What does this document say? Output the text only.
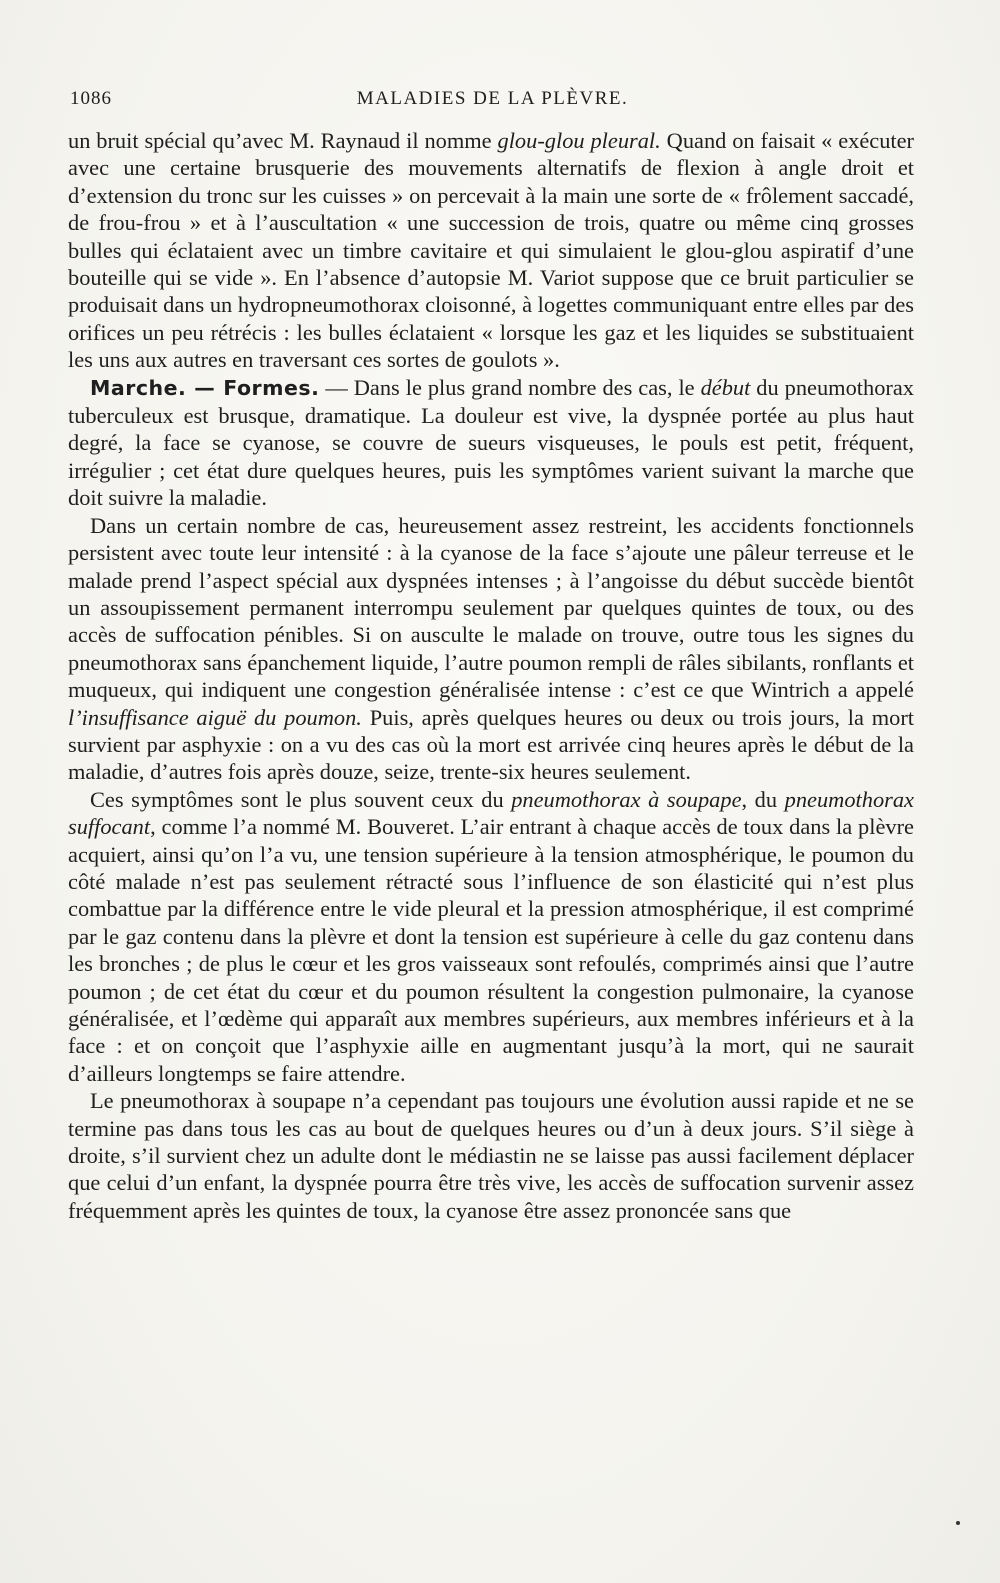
1086	MALADIES DE LA PLÈVRE.

un bruit spécial qu’avec M. Raynaud il nomme glou-glou pleural. Quand on faisait « exécuter avec une certaine brusquerie des mouvements alternatifs de flexion à angle droit et d’extension du tronc sur les cuisses » on percevait à la main une sorte de « frôlement saccadé, de frou-frou » et à l’auscultation « une succession de trois, quatre ou même cinq grosses bulles qui éclataient avec un timbre cavitaire et qui simulaient le glou-glou aspiratif d’une bouteille qui se vide ». En l’absence d’autopsie M. Variot suppose que ce bruit particulier se produisait dans un hydropneumothorax cloisonné, à logettes communiquant entre elles par des orifices un peu rétrécis : les bulles éclataient « lorsque les gaz et les liquides se substituaient les uns aux autres en traversant ces sortes de goulots ».

Marche. — Formes. — Dans le plus grand nombre des cas, le début du pneumothorax tuberculeux est brusque, dramatique. La douleur est vive, la dyspnée portée au plus haut degré, la face se cyanose, se couvre de sueurs visqueuses, le pouls est petit, fréquent, irrégulier ; cet état dure quelques heures, puis les symptômes varient suivant la marche que doit suivre la maladie.

Dans un certain nombre de cas, heureusement assez restreint, les accidents fonctionnels persistent avec toute leur intensité : à la cyanose de la face s’ajoute une pâleur terreuse et le malade prend l’aspect spécial aux dyspnées intenses ; à l’angoisse du début succède bientôt un assoupissement permanent interrompu seulement par quelques quintes de toux, ou des accès de suffocation pénibles. Si on ausculte le malade on trouve, outre tous les signes du pneumothorax sans épanchement liquide, l’autre poumon rempli de râles sibilants, ronflants et muqueux, qui indiquent une congestion généralisée intense : c’est ce que Wintrich a appelé l’insuffisance aiguë du poumon. Puis, après quelques heures ou deux ou trois jours, la mort survient par asphyxie : on a vu des cas où la mort est arrivée cinq heures après le début de la maladie, d’autres fois après douze, seize, trente-six heures seulement.

Ces symptômes sont le plus souvent ceux du pneumothorax à soupape, du pneumothorax suffocant, comme l’a nommé M. Bouveret. L’air entrant à chaque accès de toux dans la plèvre acquiert, ainsi qu’on l’a vu, une tension supérieure à la tension atmosphérique, le poumon du côté malade n’est pas seulement rétracté sous l’influence de son élasticité qui n’est plus combattue par la différence entre le vide pleural et la pression atmosphérique, il est comprimé par le gaz contenu dans la plèvre et dont la tension est supérieure à celle du gaz contenu dans les bronches ; de plus le cœur et les gros vaisseaux sont refoulés, comprimés ainsi que l’autre poumon ; de cet état du cœur et du poumon résultent la congestion pulmonaire, la cyanose généralisée, et l’œdème qui apparaît aux membres supérieurs, aux membres inférieurs et à la face : et on conçoit que l’asphyxie aille en augmentant jusqu’à la mort, qui ne saurait d’ailleurs longtemps se faire attendre.

Le pneumothorax à soupape n’a cependant pas toujours une évolution aussi rapide et ne se termine pas dans tous les cas au bout de quelques heures ou d’un à deux jours. S’il siège à droite, s’il survient chez un adulte dont le médiastin ne se laisse pas aussi facilement déplacer que celui d’un enfant, la dyspnée pourra être très vive, les accès de suffocation survenir assez fréquemment après les quintes de toux, la cyanose être assez prononcée sans que
